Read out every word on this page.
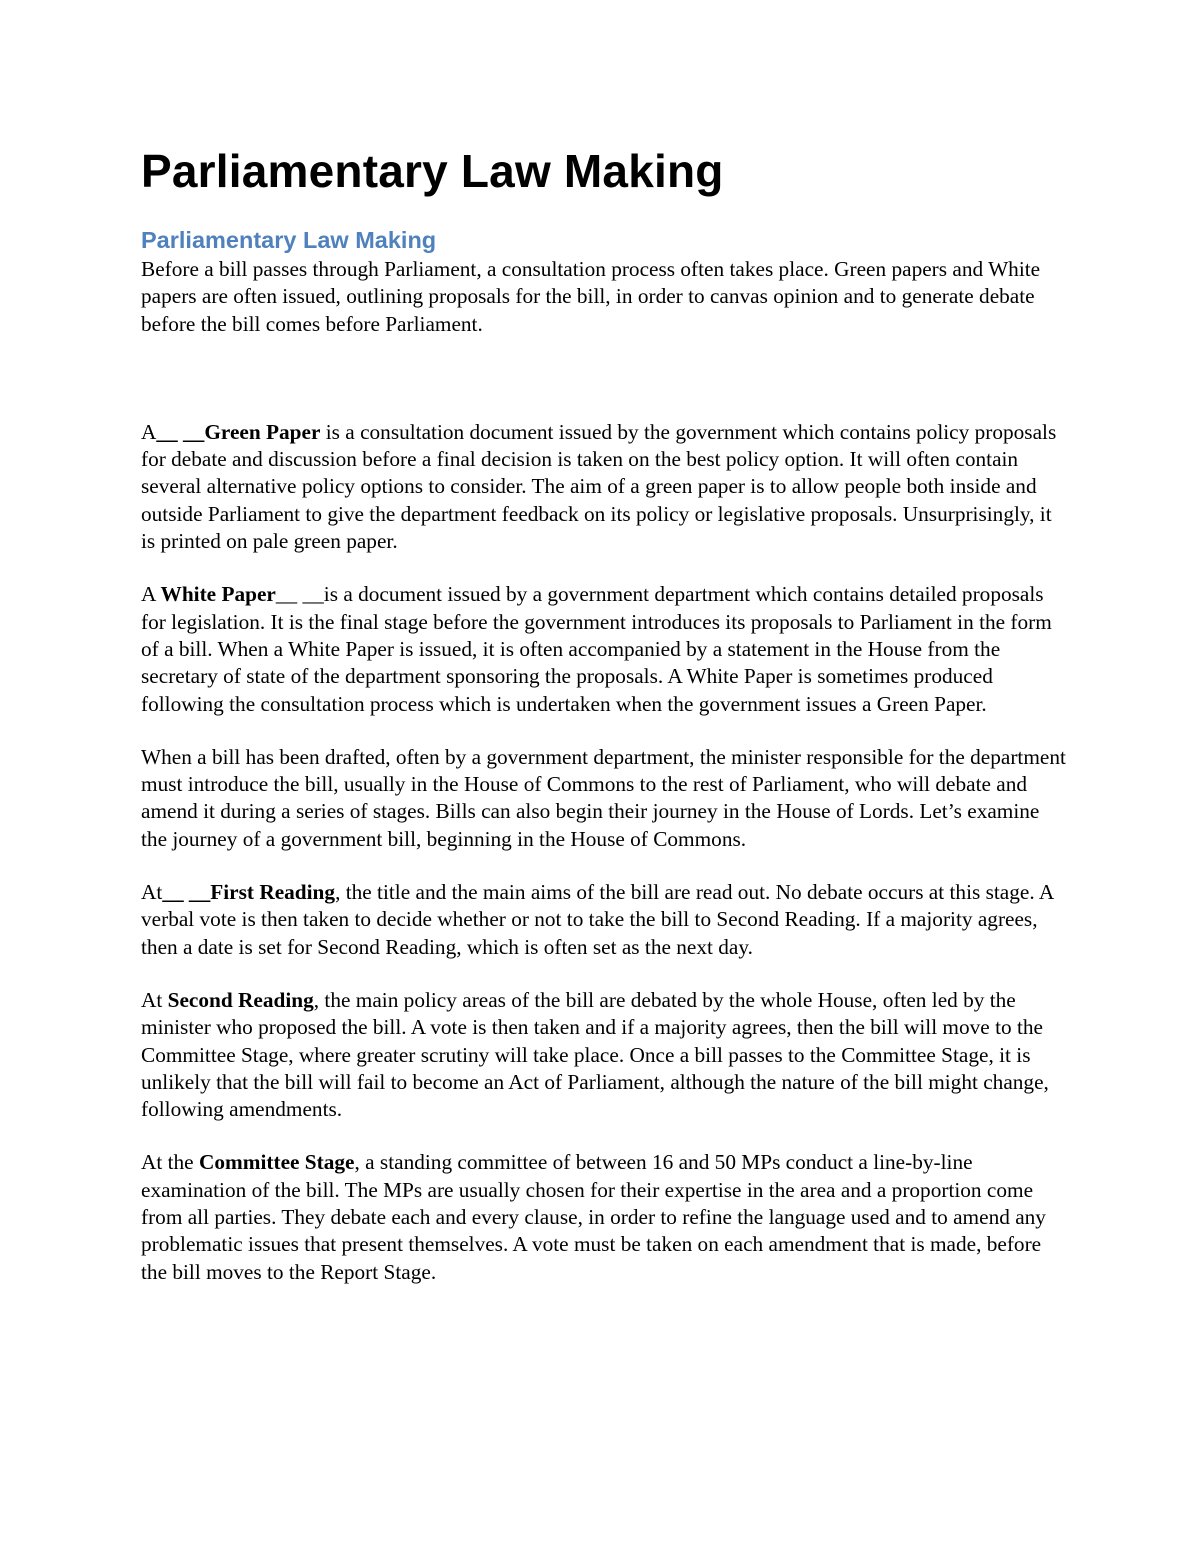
Parliamentary Law Making
Parliamentary Law Making

Before a bill passes through Parliament, a consultation process often takes place. Green papers and White papers are often issued, outlining proposals for the bill, in order to canvas opinion and to generate debate before the bill comes before Parliament.

A__ __Green Paper is a consultation document issued by the government which contains policy proposals for debate and discussion before a final decision is taken on the best policy option. It will often contain several alternative policy options to consider. The aim of a green paper is to allow people both inside and outside Parliament to give the department feedback on its policy or legislative proposals. Unsurprisingly, it is printed on pale green paper.

A White Paper__ __is a document issued by a government department which contains detailed proposals for legislation. It is the final stage before the government introduces its proposals to Parliament in the form of a bill. When a White Paper is issued, it is often accompanied by a statement in the House from the secretary of state of the department sponsoring the proposals. A White Paper is sometimes produced following the consultation process which is undertaken when the government issues a Green Paper.

When a bill has been drafted, often by a government department, the minister responsible for the department must introduce the bill, usually in the House of Commons to the rest of Parliament, who will debate and amend it during a series of stages. Bills can also begin their journey in the House of Lords. Let’s examine the journey of a government bill, beginning in the House of Commons.

At__ __First Reading, the title and the main aims of the bill are read out. No debate occurs at this stage. A verbal vote is then taken to decide whether or not to take the bill to Second Reading. If a majority agrees, then a date is set for Second Reading, which is often set as the next day.

At Second Reading, the main policy areas of the bill are debated by the whole House, often led by the minister who proposed the bill. A vote is then taken and if a majority agrees, then the bill will move to the Committee Stage, where greater scrutiny will take place. Once a bill passes to the Committee Stage, it is unlikely that the bill will fail to become an Act of Parliament, although the nature of the bill might change, following amendments.

At the Committee Stage, a standing committee of between 16 and 50 MPs conduct a line-by-line examination of the bill. The MPs are usually chosen for their expertise in the area and a proportion come from all parties. They debate each and every clause, in order to refine the language used and to amend any problematic issues that present themselves. A vote must be taken on each amendment that is made, before the bill moves to the Report Stage.
